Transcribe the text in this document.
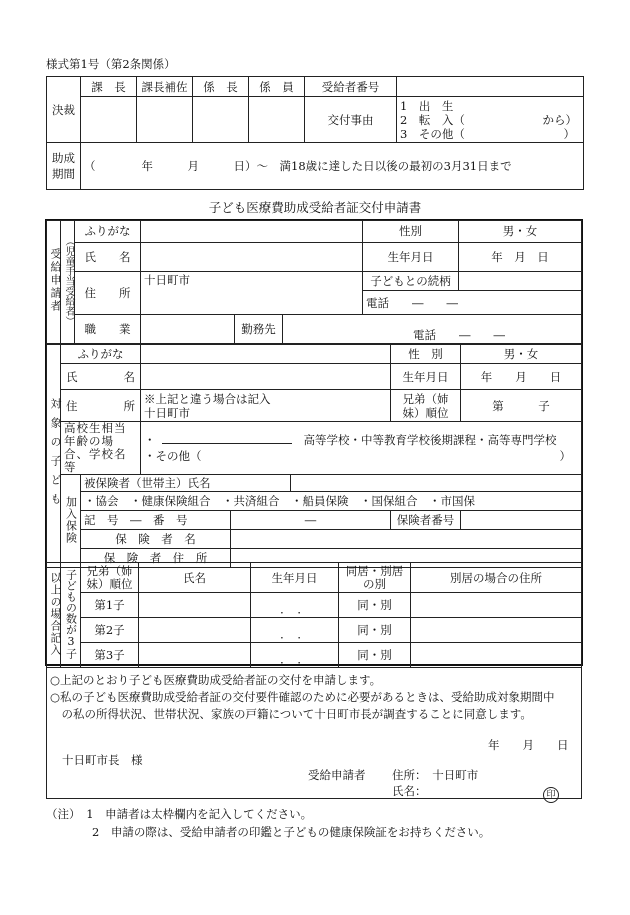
様式第1号（第2条関係）
決裁	課　長	課長補佐	係　長	係　員	受給者番号	
					交付事由	1　出　生
2　転　入（ から）
3　その他（ ）

助成期間	（　　　　年　　　月　　　日）～　満18歳に達した日以後の最初の3月31日まで					
子ども医療費助成受給者証交付申請書
受給申請者	（児童手当受給者）	ふりがな				性別	男・女
		氏　　名				生年月日	年　月　日
		住　　所	十日町市			子どもとの続柄	
						電話　　―　　―	
		職　　業		勤務先	電話　　―　　―		
対象の子ども	ふりがな					性　別	男・女
	氏　　　　名					生年月日	年　　月　　日
	住　　　　所		※上記と違う場合は記入
十日町市			兄弟（姉妹）順位	第　　　子
	高校生相当年齢の場合、学校名等		・ 高等学校・中等教育学校後期課程・高等専門学校
・その他（ ）				

	加入保険	被保険者（世帯主）氏名					
		・協会　・健康保険組合　・共済組合　・船員保険　・国保組合　・市国保					
		記　号　―　番　号		―		保険者番号	
		保　険　者　名					
		保　険　者　住　所					
以上の場合記入	子どもの数が3子	兄弟（姉妹）順位	氏名	生年月日	同居・別居の別	別居の場合の住所
		第1子		．　．	同・別	
		第2子		．　．	同・別	
		第3子		．　．	同・別	
○上記のとおり子ども医療費助成受給者証の交付を申請します。
○私の子ども医療費助成受給者証の交付要件確認のために必要があるときは、受給助成対象期間中
　の私の所得状況、世帯状況、家族の戸籍について十日町市長が調査することに同意します。
年　　月　　日
十日町市長　様
受給申請者 住所：　十日町市
氏名：	印
（注）　1　申請者は太枠欄内を記入してください。
　　　　2　申請の際は、受給申請者の印鑑と子どもの健康保険証をお持ちください。
